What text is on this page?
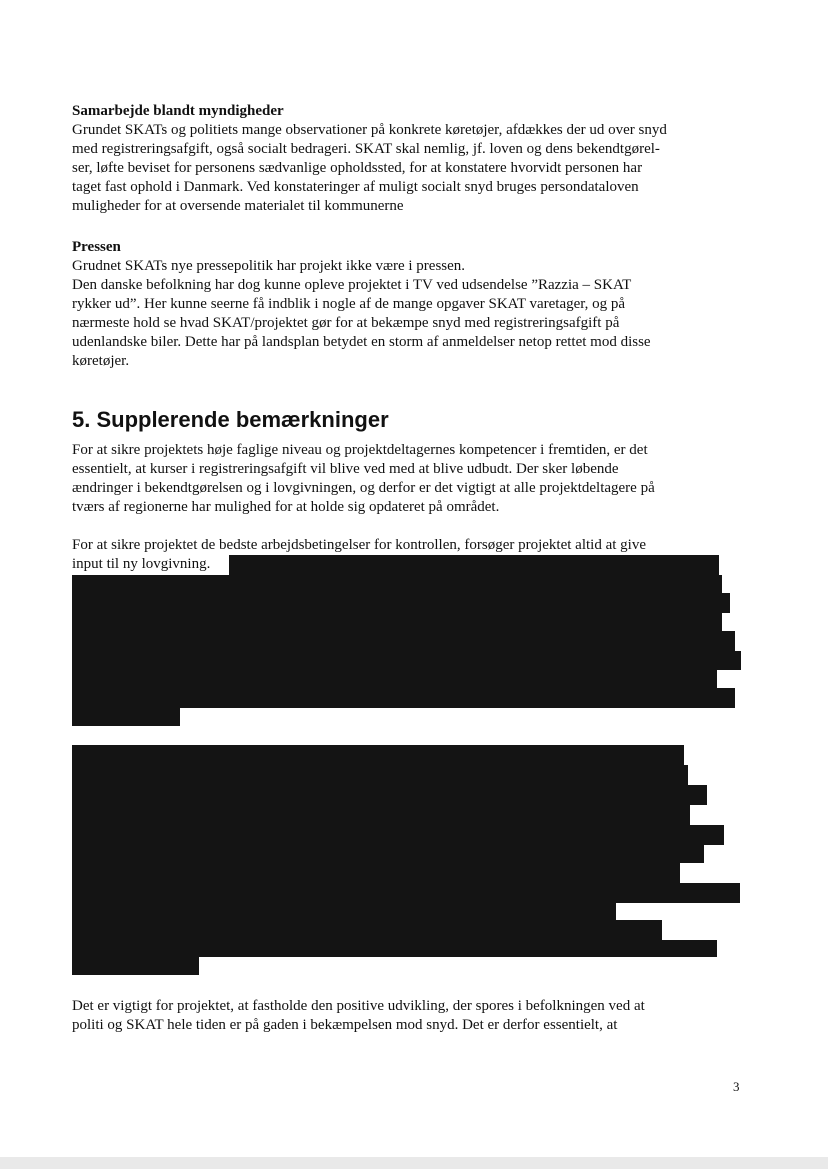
Samarbejde blandt myndigheder
Grundet SKATs og politiets mange observationer på konkrete køretøjer, afdækkes der ud over snyd
med registreringsafgift, også socialt bedrageri. SKAT skal nemlig, jf. loven og dens bekendtgørel-
ser, løfte beviset for personens sædvanlige opholdssted, for at konstatere hvorvidt personen har
taget fast ophold i Danmark. Ved konstateringer af muligt socialt snyd bruges persondataloven
muligheder for at oversende materialet til kommunerne
Pressen
Grudnet SKATs nye pressepolitik har projekt ikke være i pressen.
Den danske befolkning har dog kunne opleve projektet i TV ved udsendelse ”Razzia – SKAT
rykker ud”. Her kunne seerne få indblik i nogle af de mange opgaver SKAT varetager, og på
nærmeste hold se hvad SKAT/projektet gør for at bekæmpe snyd med registreringsafgift på
udenlandske biler. Dette har på landsplan betydet en storm af anmeldelser netop rettet mod disse
køretøjer.
5. Supplerende bemærkninger
For at sikre projektets høje faglige niveau og projektdeltagernes kompetencer i fremtiden, er det
essentielt, at kurser i registreringsafgift vil blive ved med at blive udbudt. Der sker løbende
ændringer i bekendtgørelsen og i lovgivningen, og derfor er det vigtigt at alle projektdeltagere på
tværs af regionerne har mulighed for at holde sig opdateret på området.
For at sikre projektet de bedste arbejdsbetingelser for kontrollen, forsøger projektet altid at give
input til ny lovgivning.
Det er vigtigt for projektet, at fastholde den positive udvikling, der spores i befolkningen ved at
politi og SKAT hele tiden er på gaden i bekæmpelsen mod snyd. Det er derfor essentielt, at
3
